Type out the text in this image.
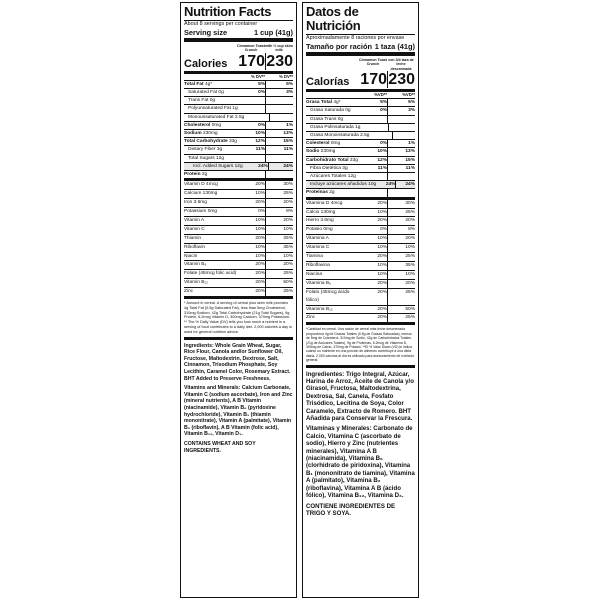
Nutrition Facts
About 8 servings per container
Serving size	1 cup (41g)
Cinnamon Toast Crunch
with ½ cup skim milk
Calories 170 230
% DV**	% DV**
Total Fat 4g*	5%	5%
Saturated Fat 0g	0%	3%
Trans Fat 0g
Polyunsaturated Fat 1g
Monounsaturated Fat 2.5g
Cholesterol 0mg	0%	1%
Sodium 230mg	10%	13%
Total Carbohydrate 33g	12%	15%
Dietary Fiber 3g	11%	11%
Total Sugars 12g
Incl. Added Sugars 12g	24%	24%
Protein 2g
Vitamin D 4mcg	20%	30%
Calcium 130mg	10%	25%
Iron 3.6mg	20%	20%
Potassium 0mg	0%	8%
Vitamin A	10%	20%
Vitamin C	10%	10%
Thiamin	20%	25%
Riboflavin	10%	35%
Niacin	10%	10%
Vitamin B₆	20%	20%
Folate (45mcg folic acid)	20%	25%
Vitamin B₁₂	20%	50%
Zinc	20%	25%
* Amount in cereal. A serving of cereal plus skim milk provides 4g Total Fat (0.5g Saturated Fat), less than 5mg Cholesterol, 310mg Sodium, 42g Total Carbohydrate (21g Total Sugars), 9g Protein, 6.2mcg Vitamin D, 300mg Calcium, 370mg Potassium. ** The % Daily Value (DV) tells you how much a nutrient in a serving of food contributes to a daily diet. 2,000 calories a day is used for general nutrition advice.

Ingredients: Whole Grain Wheat, Sugar, Rice Flour, Canola and/or Sunflower Oil, Fructose, Maltodextrin, Dextrose, Salt, Cinnamon, Trisodium Phosphate, Soy Lecithin, Caramel Color, Rosemary Extract. BHT Added to Preserve Freshness.

Vitamins and Minerals: Calcium Carbonate, Vitamin C (sodium ascorbate), Iron and Zinc (mineral nutrients), A B Vitamin (niacinamide), Vitamin B₆ (pyridoxine hydrochloride), Vitamin B₁ (thiamin mononitrate), Vitamin A (palmitate), Vitamin B₂ (riboflavin), A B Vitamin (folic acid), Vitamin B₁₂, Vitamin D₃.

CONTAINS WHEAT AND SOY INGREDIENTS.

Datos de Nutrición
Aproximadamente 8 raciones por envase
Tamaño por ración 1 taza (41g)
Cinnamon Toast Crunch
con 3/4 taza de leche descremada
Calorías 170 230
%VD**	%VD**
Grasa Total 4g*	5%	5%
Grasa Saturada 0g	0%	3%
Grasa Trans 0g
Grasa Polinsaturada 1g
Grasa Monoinsaturada 2.5g
Colesterol 0mg	0%	1%
Sodio 230mg	10%	13%
Carbohidrato Total 33g	12%	15%
Fibra Dietética 3g	11%	11%
Azúcares Totales 12g
Incluye azúcares añadidos 10g	24%	24%
Proteínas 2g
Vitamina D 4mcg	20%	30%
Calcio 130mg	10%	25%
Hierro 3.6mg	20%	20%
Potasio 0mg	0%	8%
Vitamina A	10%	20%
Vitamina C	10%	10%
Tiamina	20%	25%
Riboflavina	10%	35%
Niacina	10%	10%
Vitamina B₆	20%	20%
Folato (45mcg ácido fólico)
20%	25%
Vitamina B₁₂	20%	50%
Zinc	20%	25%
*Cantidad en cereal. Una ración de cereal más leche descremada proporciona 4g de Grasas Totales (0.5g de Grasas Saturadas), menos de 5mg de Colesterol, 310mg de Sodio, 42g de Carbohidratos Totales (21g de Azúcares Totales), 9g de Proteínas, 6.2mcg de Vitamina D, 300mg de Calcio, 370mg de Potasio. **El % Valor Diario (VD) le indica cuánto un nutriente en una porción de alimento contribuye a una dieta diaria. 2,000 calorías al día es utilizado para asesoramiento de nutrición general.

Ingredientes: Trigo Integral, Azúcar, Harina de Arroz, Aceite de Canola y/o Girasol, Fructosa, Maltodextrina, Dextrosa, Sal, Canela, Fosfato Trisódico, Lecitina de Soya, Color Caramelo, Extracto de Romero. BHT Añadida para Conservar la Frescura.

Vitaminas y Minerales: Carbonato de Calcio, Vitamina C (ascorbato de sodio), Hierro y Zinc (nutrientes minerales), Vitamina A B (niacinamida), Vitamina B₆ (clorhidrato de piridoxina), Vitamina B₁ (mononitrato de tiamina), Vitamina A (palmitato), Vitamina B₂ (riboflavina), Vitamina A B (ácido fólico), Vitamina B₁₂, Vitamina D₃.

CONTIENE INGREDIENTES DE TRIGO Y SOYA.
